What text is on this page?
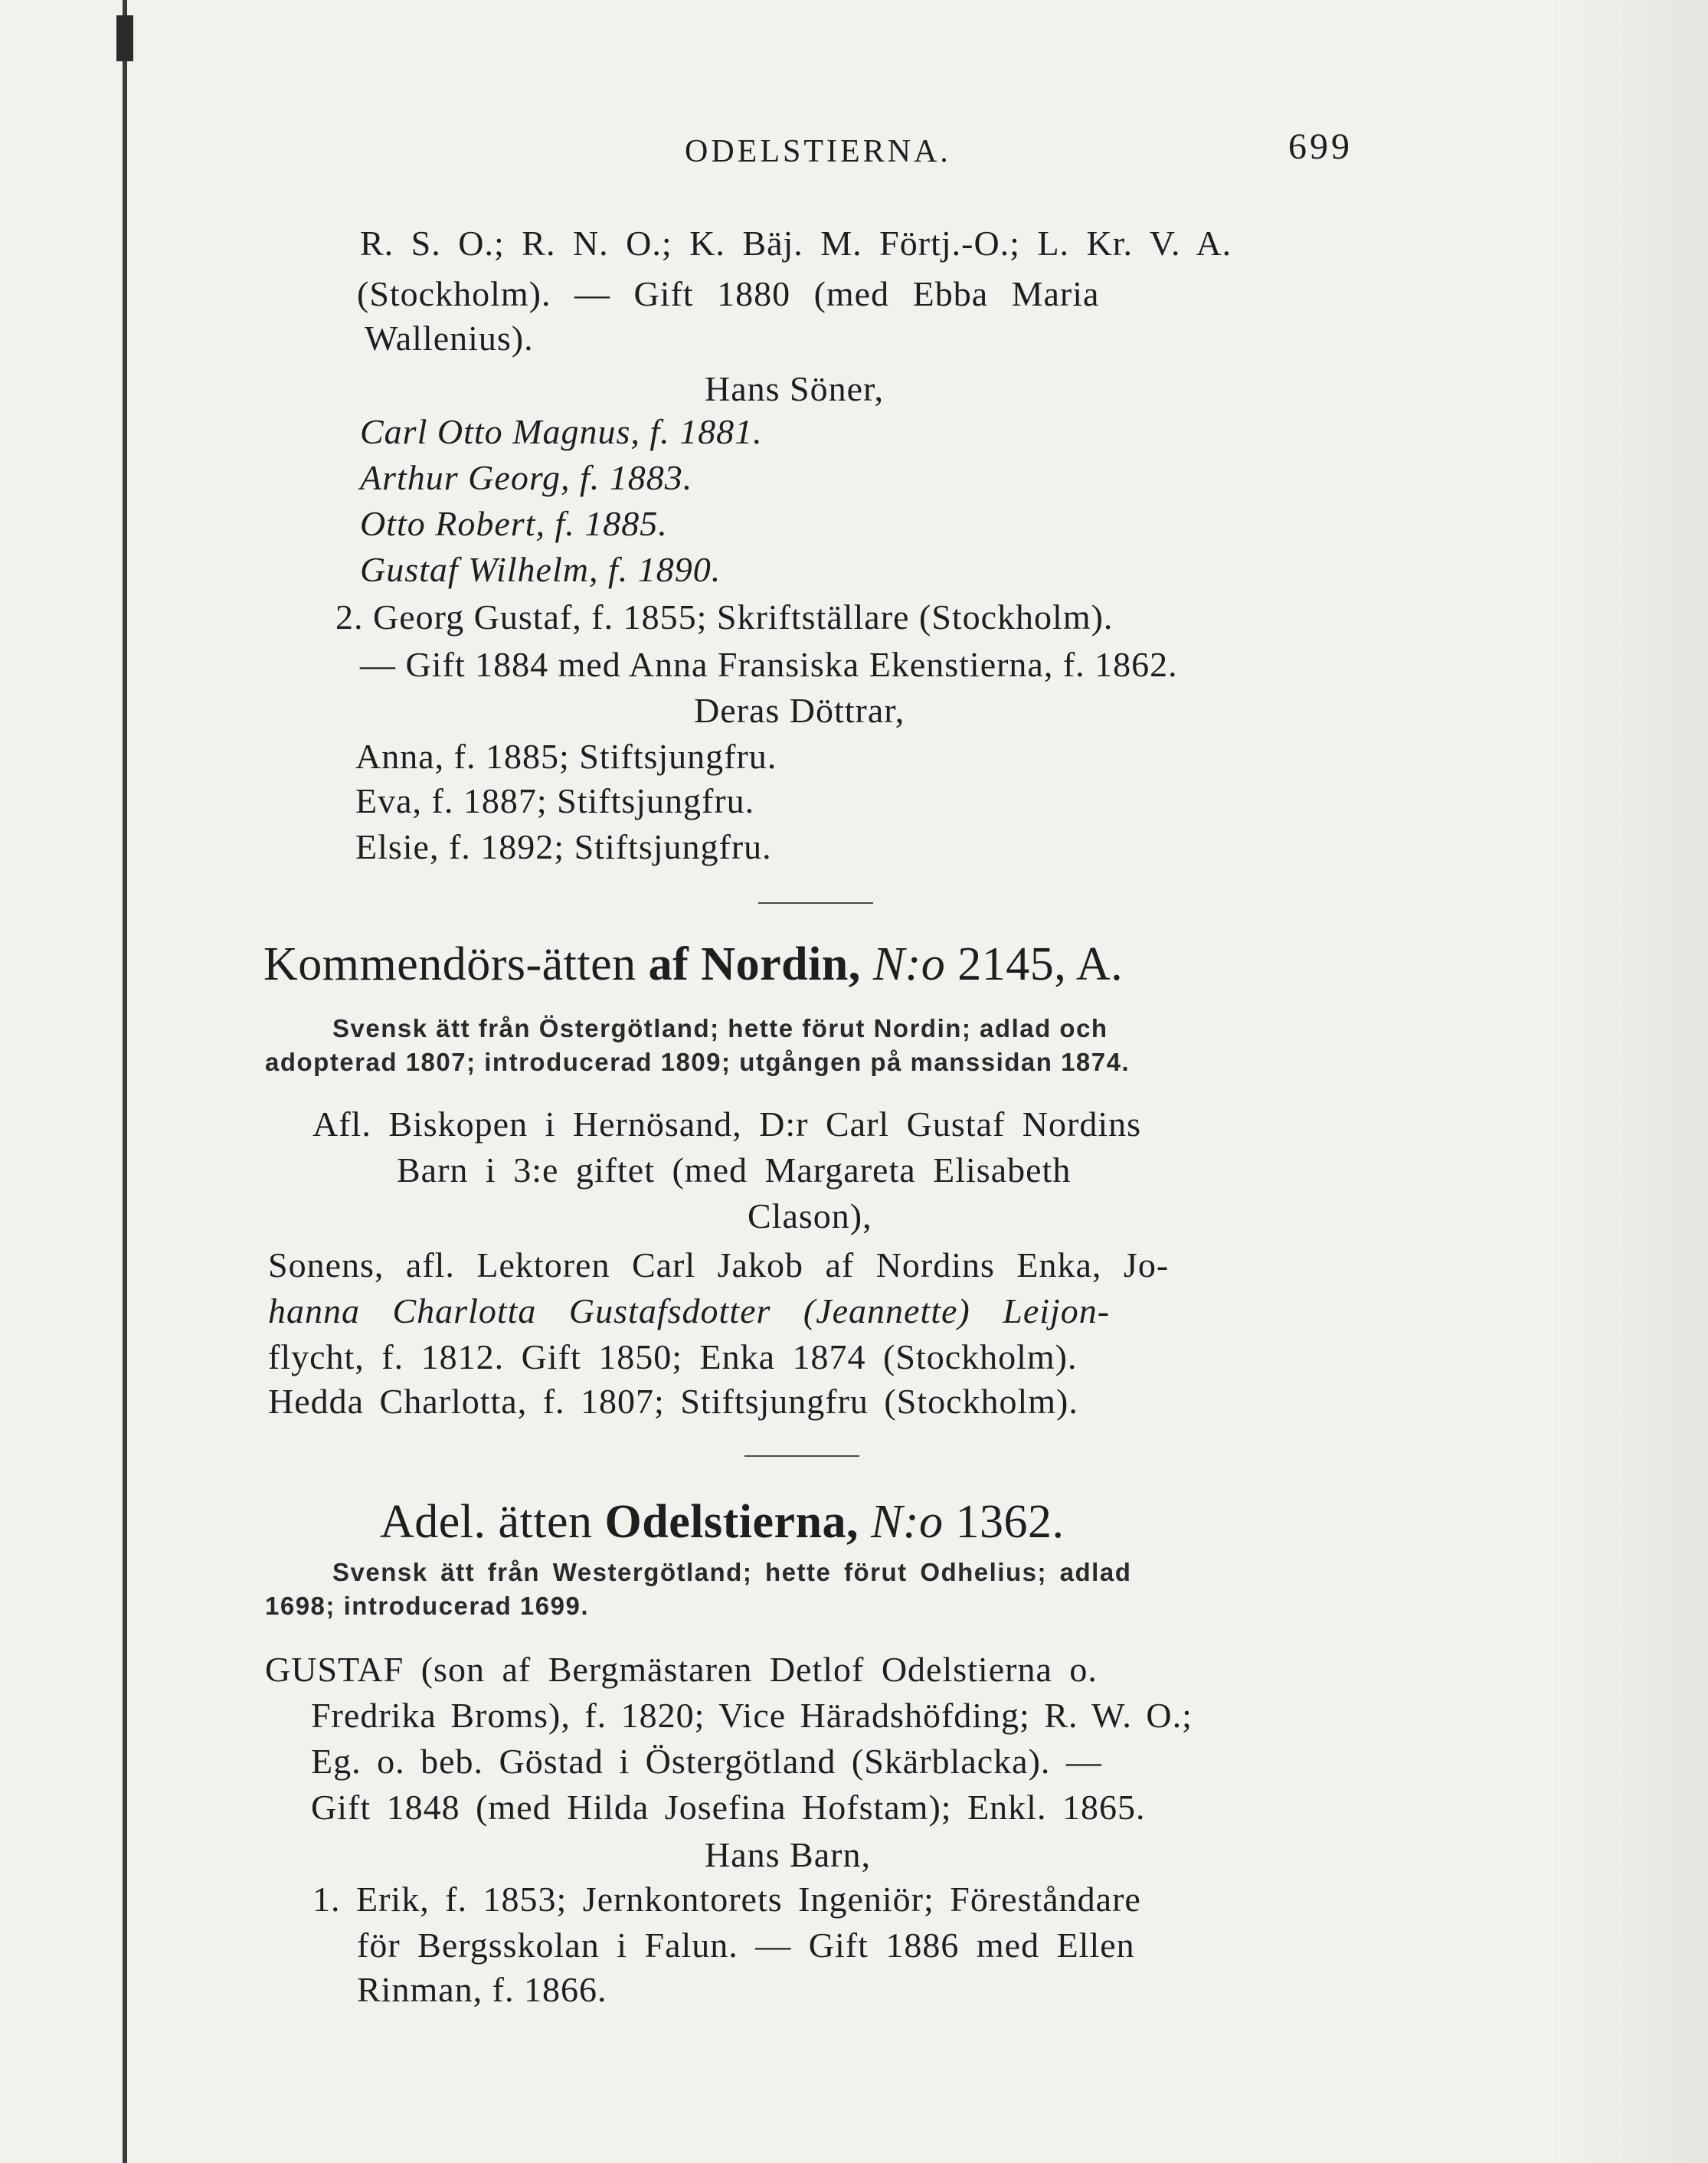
ODELSTIERNA.	699
R. S. O.; R. N. O.; K. Bäj. M. Förtj.-O.; L. Kr. V. A.
(Stockholm). — Gift 1880 (med Ebba Maria
Wallenius).
Hans Söner,
Carl Otto Magnus, f. 1881.
Arthur Georg, f. 1883.
Otto Robert, f. 1885.
Gustaf Wilhelm, f. 1890.
2. Georg Gustaf, f. 1855; Skriftställare (Stockholm).
— Gift 1884 med Anna Fransiska Ekenstierna, f. 1862.
Deras Döttrar,
Anna, f. 1885; Stiftsjungfru.
Eva, f. 1887; Stiftsjungfru.
Elsie, f. 1892; Stiftsjungfru.
Kommendörs-ätten af Nordin, N:o 2145, A.
Svensk ätt från Östergötland; hette förut Nordin; adlad och
adopterad 1807; introducerad 1809; utgången på manssidan 1874.
Afl. Biskopen i Hernösand, D:r Carl Gustaf Nordins
Barn i 3:e giftet (med Margareta Elisabeth
Clason),
Sonens, afl. Lektoren Carl Jakob af Nordins Enka, Jo-
hanna Charlotta Gustafsdotter (Jeannette) Leijon-
flycht, f. 1812. Gift 1850; Enka 1874 (Stockholm).
Hedda Charlotta, f. 1807; Stiftsjungfru (Stockholm).
Adel. ätten Odelstierna, N:o 1362.
Svensk ätt från Westergötland; hette förut Odhelius; adlad
1698; introducerad 1699.
GUSTAF (son af Bergmästaren Detlof Odelstierna o.
Fredrika Broms), f. 1820; Vice Häradshöfding; R. W. O.;
Eg. o. beb. Göstad i Östergötland (Skärblacka). —
Gift 1848 (med Hilda Josefina Hofstam); Enkl. 1865.
Hans Barn,
1. Erik, f. 1853; Jernkontorets Ingeniör; Föreståndare
för Bergsskolan i Falun. — Gift 1886 med Ellen
Rinman, f. 1866.
